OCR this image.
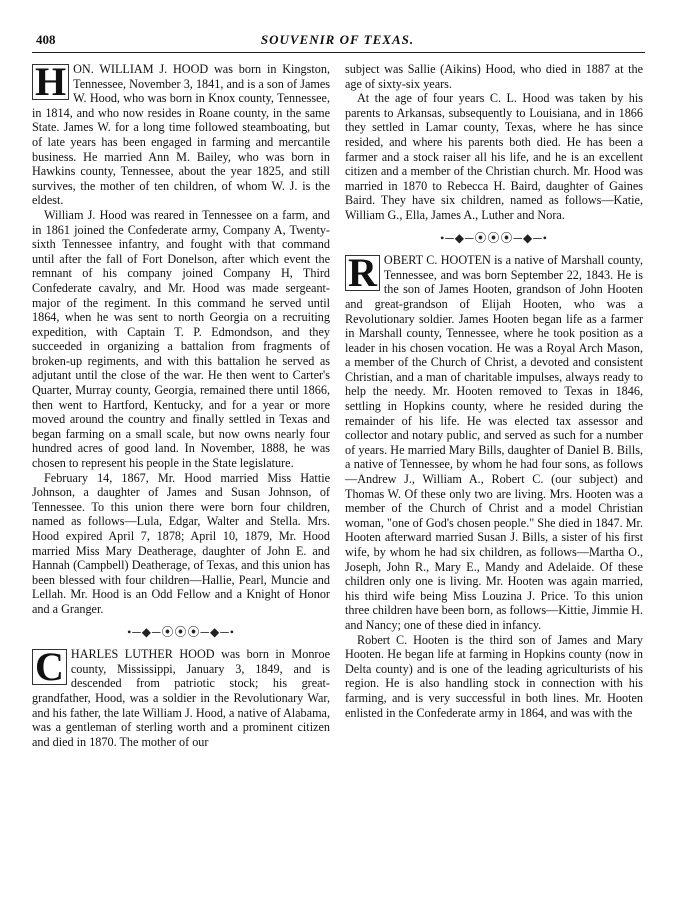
408	SOUVENIR OF TEXAS.

H ON. WILLIAM J. HOOD was born in Kingston, Tennessee, November 3, 1841, and is a son of James W. Hood, who was born in Knox county, Tennessee, in 1814, and who now resides in Roane county, in the same State. James W. for a long time followed steamboating, but of late years has been engaged in farming and mercantile business. He married Ann M. Bailey, who was born in Hawkins county, Tennessee, about the year 1825, and still survives, the mother of ten children, of whom W. J. is the eldest.

William J. Hood was reared in Tennessee on a farm, and in 1861 joined the Confederate army, Company A, Twenty-sixth Tennessee infantry, and fought with that command until after the fall of Fort Donelson, after which event the remnant of his company joined Company H, Third Confederate cavalry, and Mr. Hood was made sergeant-major of the regiment. In this command he served until 1864, when he was sent to north Georgia on a recruiting expedition, with Captain T. P. Edmondson, and they succeeded in organizing a battalion from fragments of broken-up regiments, and with this battalion he served as adjutant until the close of the war. He then went to Carter's Quarter, Murray county, Georgia, remained there until 1866, then went to Hartford, Kentucky, and for a year or more moved around the country and finally settled in Texas and began farming on a small scale, but now owns nearly four hundred acres of good land. In November, 1888, he was chosen to represent his people in the State legislature.

February 14, 1867, Mr. Hood married Miss Hattie Johnson, a daughter of James and Susan Johnson, of Tennessee. To this union there were born four children, named as follows—Lula, Edgar, Walter and Stella. Mrs. Hood expired April 7, 1878; April 10, 1879, Mr. Hood married Miss Mary Deatherage, daughter of John E. and Hannah (Campbell) Deatherage, of Texas, and this union has been blessed with four children—Hallie, Pearl, Muncie and Lellah. Mr. Hood is an Odd Fellow and a Knight of Honor and a Granger.

•─◆─⦿⦿⦿─◆─•

C HARLES LUTHER HOOD was born in Monroe county, Mississippi, January 3, 1849, and is descended from patriotic stock; his great-grandfather, Hood, was a soldier in the Revolutionary War, and his father, the late William J. Hood, a native of Alabama, was a gentleman of sterling worth and a prominent citizen and died in 1870. The mother of our

subject was Sallie (Aikins) Hood, who died in 1887 at the age of sixty-six years.

At the age of four years C. L. Hood was taken by his parents to Arkansas, subsequently to Louisiana, and in 1866 they settled in Lamar county, Texas, where he has since resided, and where his parents both died. He has been a farmer and a stock raiser all his life, and he is an excellent citizen and a member of the Christian church. Mr. Hood was married in 1870 to Rebecca H. Baird, daughter of Gaines Baird. They have six children, named as follows—Katie, William G., Ella, James A., Luther and Nora.

•─◆─⦿⦿⦿─◆─•

R OBERT C. HOOTEN is a native of Marshall county, Tennessee, and was born September 22, 1843. He is the son of James Hooten, grandson of John Hooten and great-grandson of Elijah Hooten, who was a Revolutionary soldier. James Hooten began life as a farmer in Marshall county, Tennessee, where he took position as a leader in his chosen vocation. He was a Royal Arch Mason, a member of the Church of Christ, a devoted and consistent Christian, and a man of charitable impulses, always ready to help the needy. Mr. Hooten removed to Texas in 1846, settling in Hopkins county, where he resided during the remainder of his life. He was elected tax assessor and collector and notary public, and served as such for a number of years. He married Mary Bills, daughter of Daniel B. Bills, a native of Tennessee, by whom he had four sons, as follows—Andrew J., William A., Robert C. (our subject) and Thomas W. Of these only two are living. Mrs. Hooten was a member of the Church of Christ and a model Christian woman, "one of God's chosen people." She died in 1847. Mr. Hooten afterward married Susan J. Bills, a sister of his first wife, by whom he had six children, as follows—Martha O., Joseph, John R., Mary E., Mandy and Adelaide. Of these children only one is living. Mr. Hooten was again married, his third wife being Miss Louzina J. Price. To this union three children have been born, as follows—Kittie, Jimmie H. and Nancy; one of these died in infancy.

Robert C. Hooten is the third son of James and Mary Hooten. He began life at farming in Hopkins county (now in Delta county) and is one of the leading agriculturists of his region. He is also handling stock in connection with his farming, and is very successful in both lines. Mr. Hooten enlisted in the Confederate army in 1864, and was with the
